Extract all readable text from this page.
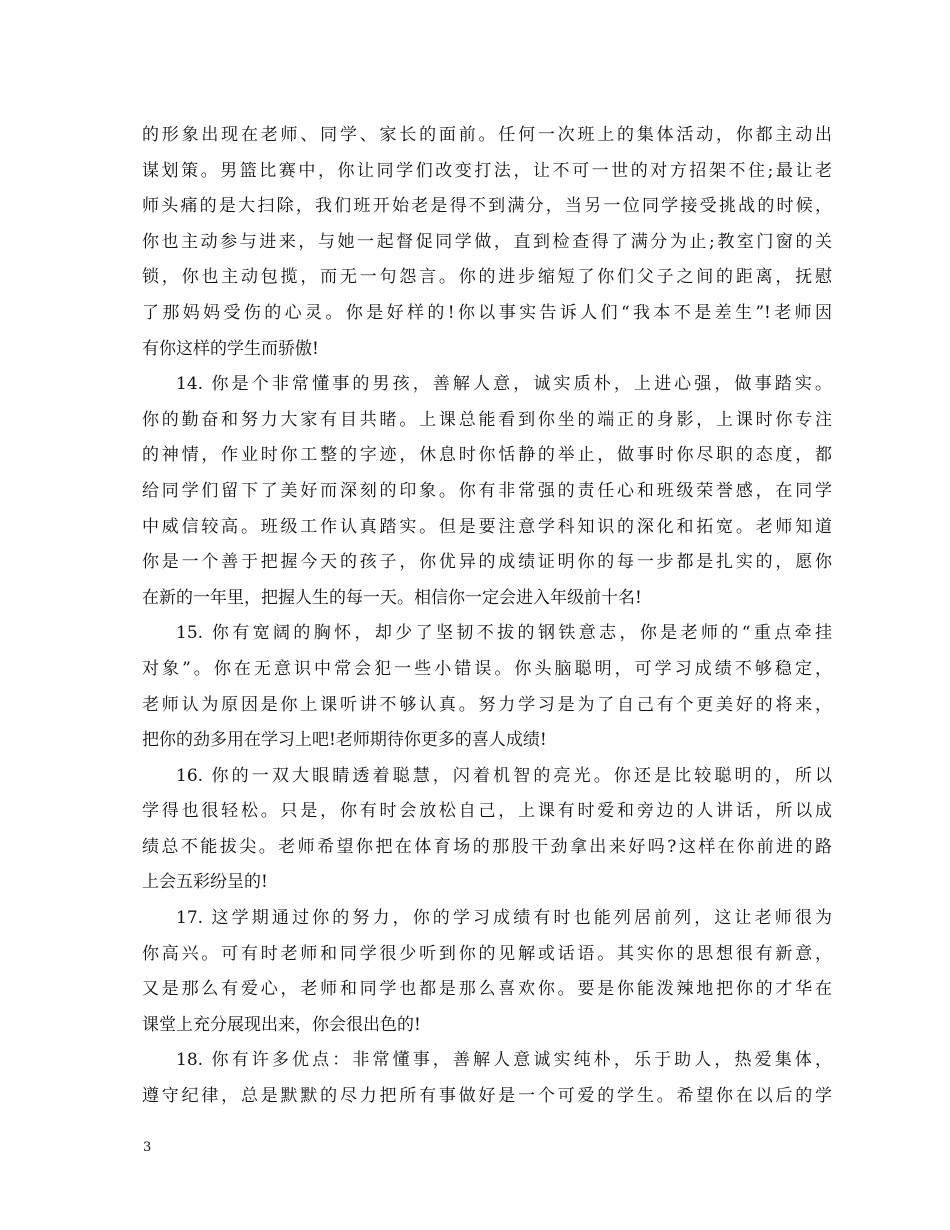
的形象出现在老师、同学、家长的面前。任何一次班上的集体活动，你都主动出
谋划策。男篮比赛中，你让同学们改变打法，让不可一世的对方招架不住;最让老
师头痛的是大扫除，我们班开始老是得不到满分，当另一位同学接受挑战的时候，
你也主动参与进来，与她一起督促同学做，直到检查得了满分为止;教室门窗的关
锁，你也主动包揽，而无一句怨言。你的进步缩短了你们父子之间的距离，抚慰
了那妈妈受伤的心灵。你是好样的!你以事实告诉人们“我本不是差生”!老师因
有你这样的学生而骄傲!
14. 你是个非常懂事的男孩，善解人意，诚实质朴，上进心强，做事踏实。
你的勤奋和努力大家有目共睹。上课总能看到你坐的端正的身影，上课时你专注
的神情，作业时你工整的字迹，休息时你恬静的举止，做事时你尽职的态度，都
给同学们留下了美好而深刻的印象。你有非常强的责任心和班级荣誉感，在同学
中威信较高。班级工作认真踏实。但是要注意学科知识的深化和拓宽。老师知道
你是一个善于把握今天的孩子，你优异的成绩证明你的每一步都是扎实的，愿你
在新的一年里，把握人生的每一天。相信你一定会进入年级前十名!
15. 你有宽阔的胸怀，却少了坚韧不拔的钢铁意志，你是老师的“重点牵挂
对象”。你在无意识中常会犯一些小错误。你头脑聪明，可学习成绩不够稳定，
老师认为原因是你上课听讲不够认真。努力学习是为了自己有个更美好的将来，
把你的劲多用在学习上吧!老师期待你更多的喜人成绩!
16. 你的一双大眼睛透着聪慧，闪着机智的亮光。你还是比较聪明的，所以
学得也很轻松。只是，你有时会放松自己，上课有时爱和旁边的人讲话，所以成
绩总不能拔尖。老师希望你把在体育场的那股干劲拿出来好吗?这样在你前进的路
上会五彩纷呈的!
17. 这学期通过你的努力，你的学习成绩有时也能列居前列，这让老师很为
你高兴。可有时老师和同学很少听到你的见解或话语。其实你的思想很有新意，
又是那么有爱心，老师和同学也都是那么喜欢你。要是你能泼辣地把你的才华在
课堂上充分展现出来，你会很出色的!
18. 你有许多优点：非常懂事，善解人意诚实纯朴，乐于助人，热爱集体，
遵守纪律，总是默默的尽力把所有事做好是一个可爱的学生。希望你在以后的学
3
